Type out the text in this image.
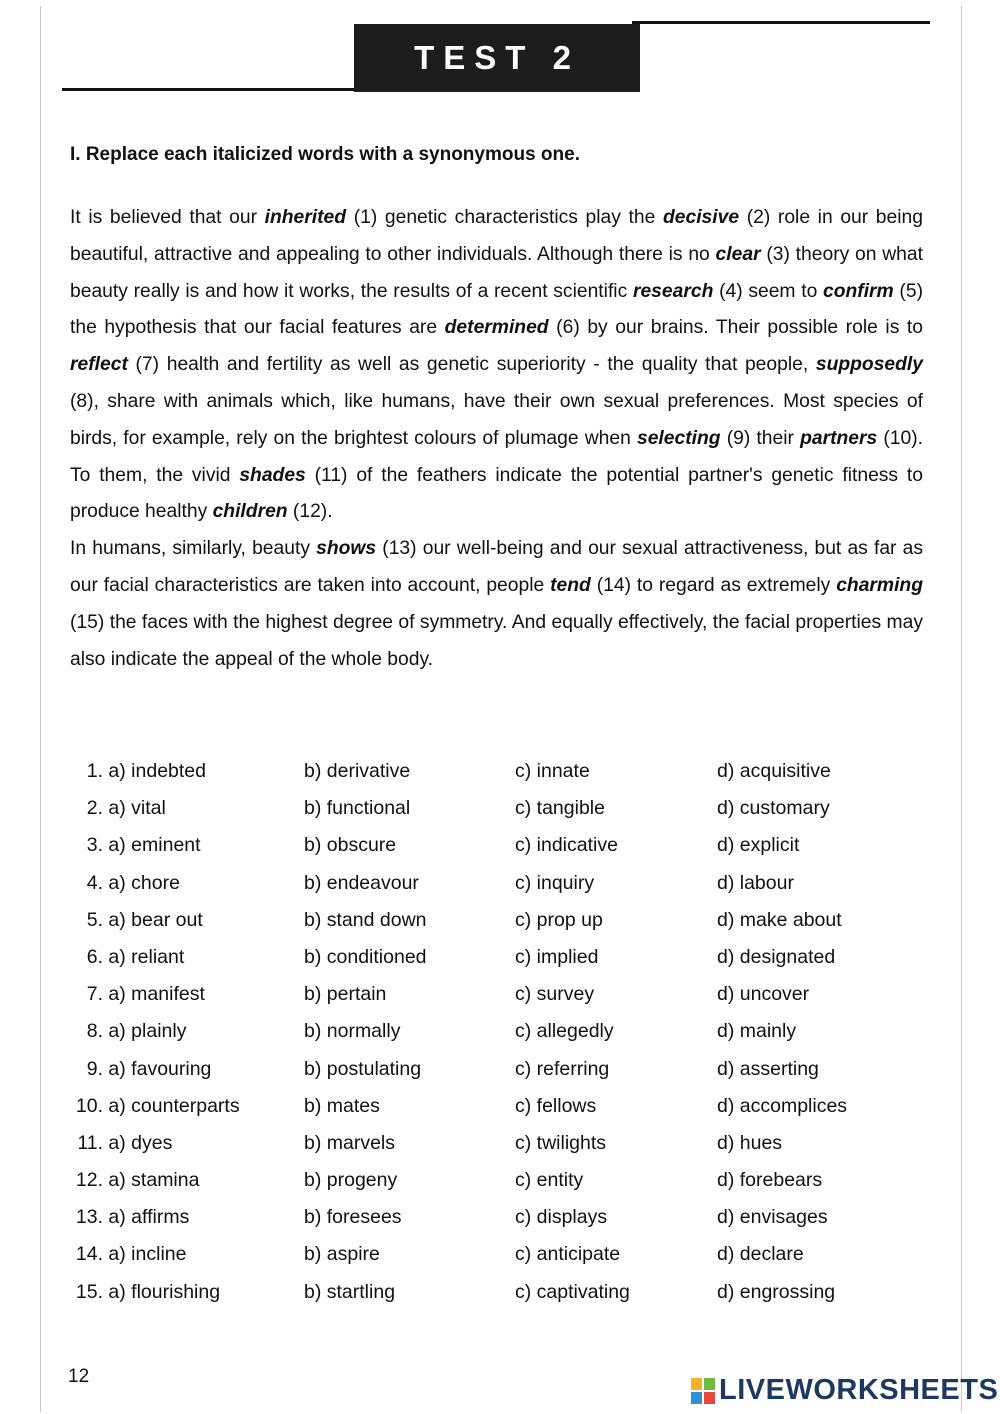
TEST 2
I. Replace each italicized words with a synonymous one.

It is believed that our inherited (1) genetic characteristics play the decisive (2) role in our being beautiful, attractive and appealing to other individuals. Although there is no clear (3) theory on what beauty really is and how it works, the results of a recent scientific research (4) seem to confirm (5) the hypothesis that our facial features are determined (6) by our brains. Their possible role is to reflect (7) health and fertility as well as genetic superiority - the quality that people, supposedly (8), share with animals which, like humans, have their own sexual preferences. Most species of birds, for example, rely on the brightest colours of plumage when selecting (9) their partners (10). To them, the vivid shades (11) of the feathers indicate the potential partner's genetic fitness to produce healthy children (12).

In humans, similarly, beauty shows (13) our well-being and our sexual attractiveness, but as far as our facial characteristics are taken into account, people tend (14) to regard as extremely charming (15) the faces with the highest degree of symmetry. And equally effectively, the facial properties may also indicate the appeal of the whole body.

1. a) indebted	b) derivative	c) innate	d) acquisitive
2. a) vital	b) functional	c) tangible	d) customary
3. a) eminent	b) obscure	c) indicative	d) explicit
4. a) chore	b) endeavour	c) inquiry	d) labour
5. a) bear out	b) stand down	c) prop up	d) make about
6. a) reliant	b) conditioned	c) implied	d) designated
7. a) manifest	b) pertain	c) survey	d) uncover
8. a) plainly	b) normally	c) allegedly	d) mainly
9. a) favouring	b) postulating	c) referring	d) asserting
10. a) counterparts	b) mates	c) fellows	d) accomplices
11. a) dyes	b) marvels	c) twilights	d) hues
12. a) stamina	b) progeny	c) entity	d) forebears
13. a) affirms	b) foresees	c) displays	d) envisages
14. a) incline	b) aspire	c) anticipate	d) declare
15. a) flourishing	b) startling	c) captivating	d) engrossing
12	LIVEWORKSHEETS
